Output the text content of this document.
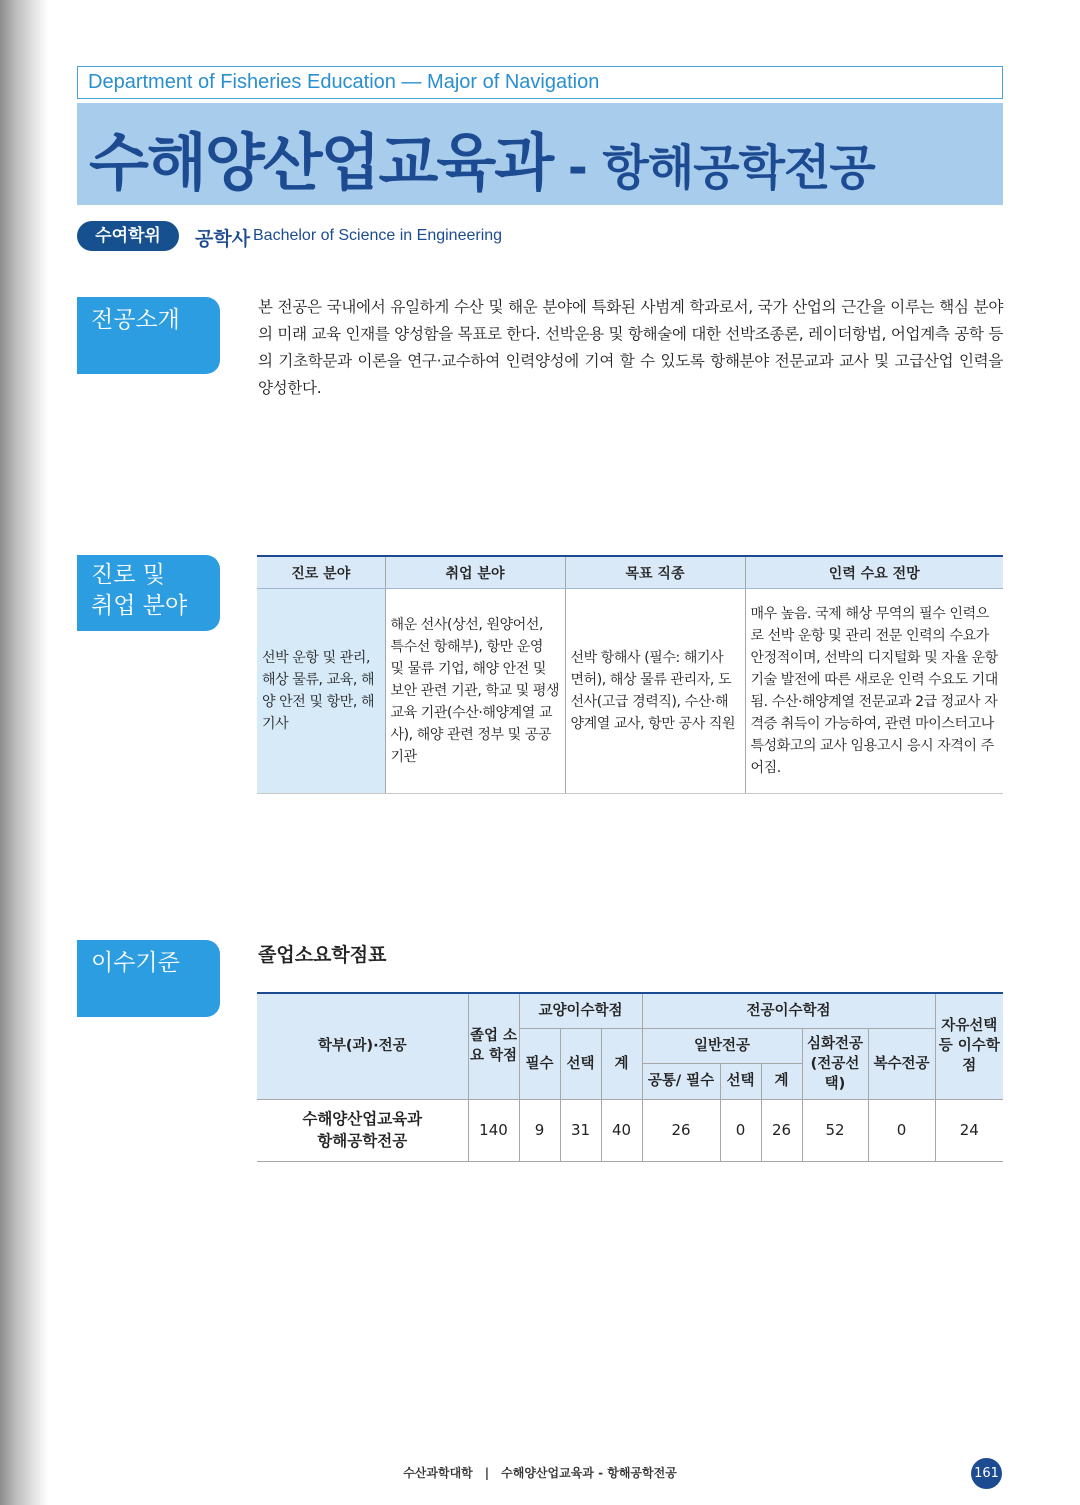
Department of Fisheries Education — Major of Navigation
수해양산업교육과 - 항해공학전공
수여학위	공학사 Bachelor of Science in Engineering
전공소개	본 전공은 국내에서 유일하게 수산 및 해운 분야에 특화된 사범계 학과로서, 국가 산업의 근간을 이루는 핵심 분야의 미래 교육 인재를 양성함을 목표로 한다. 선박운용 및 항해술에 대한 선박조종론, 레이더항법, 어업계측 공학 등의 기초학문과 이론을 연구·교수하여 인력양성에 기여 할 수 있도록 항해분야 전문교과 교사 및 고급산업 인력을 양성한다.
진로 및
취업 분야
진로 분야	취업 분야	목표 직종	인력 수요 전망
선박 운항 및 관리, 해상 물류, 교육, 해양 안전 및 항만, 해기사	해운 선사(상선, 원양어선, 특수선 항해부), 항만 운영 및 물류 기업, 해양 안전 및 보안 관련 기관, 학교 및 평생교육 기관(수산·해양계열 교사), 해양 관련 정부 및 공공기관	선박 항해사 (필수: 해기사 면허), 해상 물류 관리자, 도선사(고급 경력직), 수산·해양계열 교사, 항만 공사 직원	매우 높음. 국제 해상 무역의 필수 인력으로 선박 운항 및 관리 전문 인력의 수요가 안정적이며, 선박의 디지털화 및 자율 운항 기술 발전에 따른 새로운 인력 수요도 기대됨. 수산·해양계열 전문교과 2급 정교사 자격증 취득이 가능하여, 관련 마이스터고나 특성화고의 교사 임용고시 응시 자격이 주어짐.
이수기준	졸업소요학점표
학부(과)·전공	졸업 소요 학점	교양이수학점			전공이수학점					자유선택 등 이수학점
		필수	선택	계	일반전공			심화전공 (전공선택)	복수전공	
					공통/ 필수	선택	계			

수해양산업교육과
항해공학전공	140	9	31	40	26	0	26	52	0	24
수산과학대학 | 수해양산업교육과 - 항해공학전공	161
